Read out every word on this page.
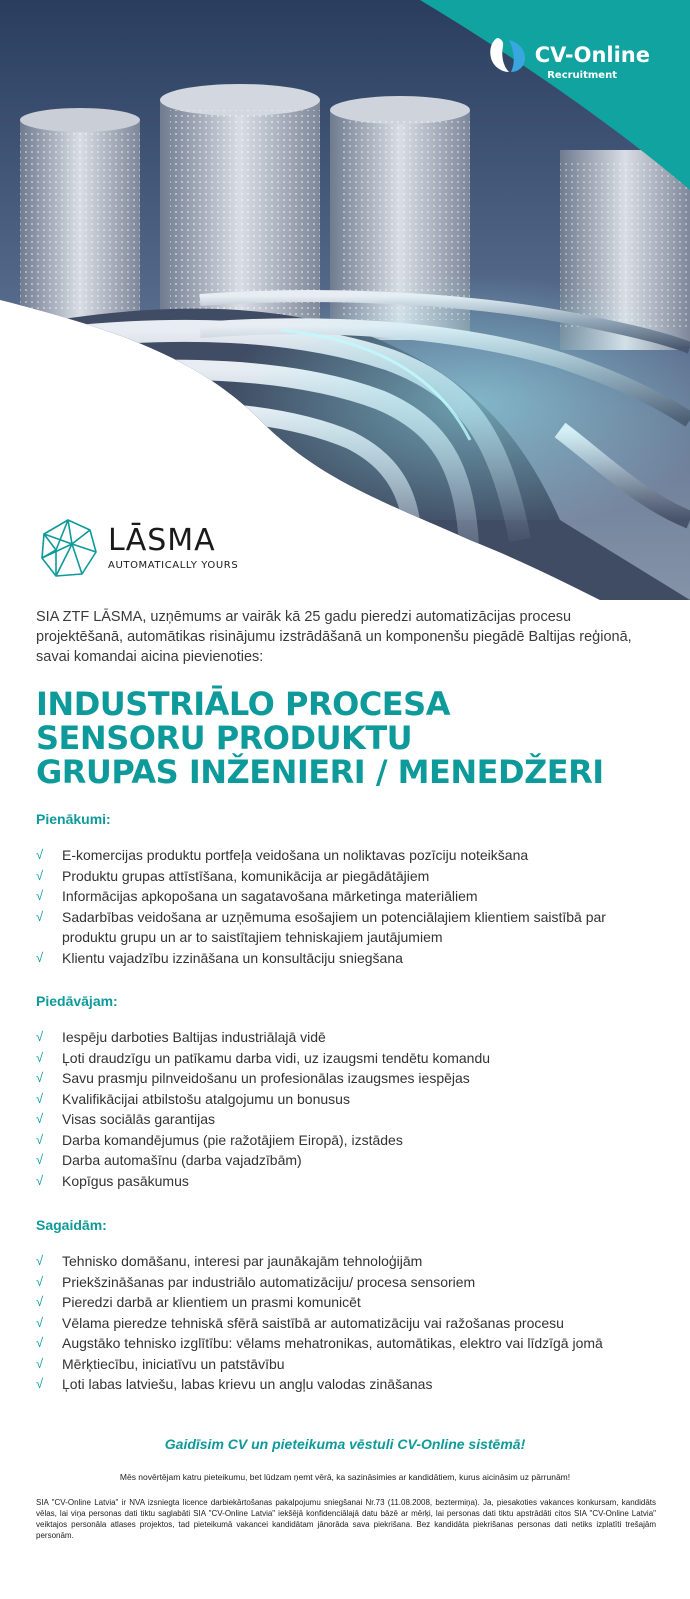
CV-Online
Recruitment
LĀSMA
AUTOMATICALLY YOURS

SIA ZTF LĀSMA, uzņēmums ar vairāk kā 25 gadu pieredzi automatizācijas procesu projektēšanā, automātikas risinājumu izstrādāšanā un komponenšu piegādē Baltijas reģionā, savai komandai aicina pievienoties:

INDUSTRIĀLO PROCESA
SENSORU PRODUKTU
GRUPAS INŽENIERI / MENEDŽERI
Pienākumi:
√ E-komercijas produktu portfeļa veidošana un noliktavas pozīciju noteikšana
√ Produktu grupas attīstīšana, komunikācija ar piegādātājiem
√ Informācijas apkopošana un sagatavošana mārketinga materiāliem
√ Sadarbības veidošana ar uzņēmuma esošajiem un potenciālajiem klientiem saistībā par produktu grupu un ar to saistītajiem tehniskajiem jautājumiem
√ Klientu vajadzību izzināšana un konsultāciju sniegšana
Piedāvājam:
√ Iespēju darboties Baltijas industriālajā vidē
√ Ļoti draudzīgu un patīkamu darba vidi, uz izaugsmi tendētu komandu
√ Savu prasmju pilnveidošanu un profesionālas izaugsmes iespējas
√ Kvalifikācijai atbilstošu atalgojumu un bonusus
√ Visas sociālās garantijas
√ Darba komandējumus (pie ražotājiem Eiropā), izstādes
√ Darba automašīnu (darba vajadzībām)
√ Kopīgus pasākumus
Sagaidām:
√ Tehnisko domāšanu, interesi par jaunākajām tehnoloģijām
√ Priekšzināšanas par industriālo automatizāciju/ procesa sensoriem
√ Pieredzi darbā ar klientiem un prasmi komunicēt
√ Vēlama pieredze tehniskā sfērā saistībā ar automatizāciju vai ražošanas procesu
√ Augstāko tehnisko izglītību: vēlams mehatronikas, automātikas, elektro vai līdzīgā jomā
√ Mērķtiecību, iniciatīvu un patstāvību
√ Ļoti labas latviešu, labas krievu un angļu valodas zināšanas
Gaidīsim CV un pieteikuma vēstuli CV-Online sistēmā!
Mēs novērtējam katru pieteikumu, bet lūdzam ņemt vērā, ka sazināsimies ar kandidātiem, kurus aicināsim uz pārrunām!
SIA "CV-Online Latvia" ir NVA izsniegta licence darbiekārtošanas pakalpojumu sniegšanai Nr.73 (11.08.2008, beztermiņa). Ja, piesakoties vakances konkursam, kandidāts vēlas, lai viņa personas dati tiktu saglabāti SIA "CV-Online Latvia" iekšējā konfidenciālajā datu bāzē ar mērķi, lai personas dati tiktu apstrādāti citos SIA "CV-Online Latvia" veiktajos personāla atlases projektos, tad pieteikumā vakancei kandidātam jānorāda sava piekrišana. Bez kandidāta piekrišanas personas dati netiks izplatīti trešajām personām.
